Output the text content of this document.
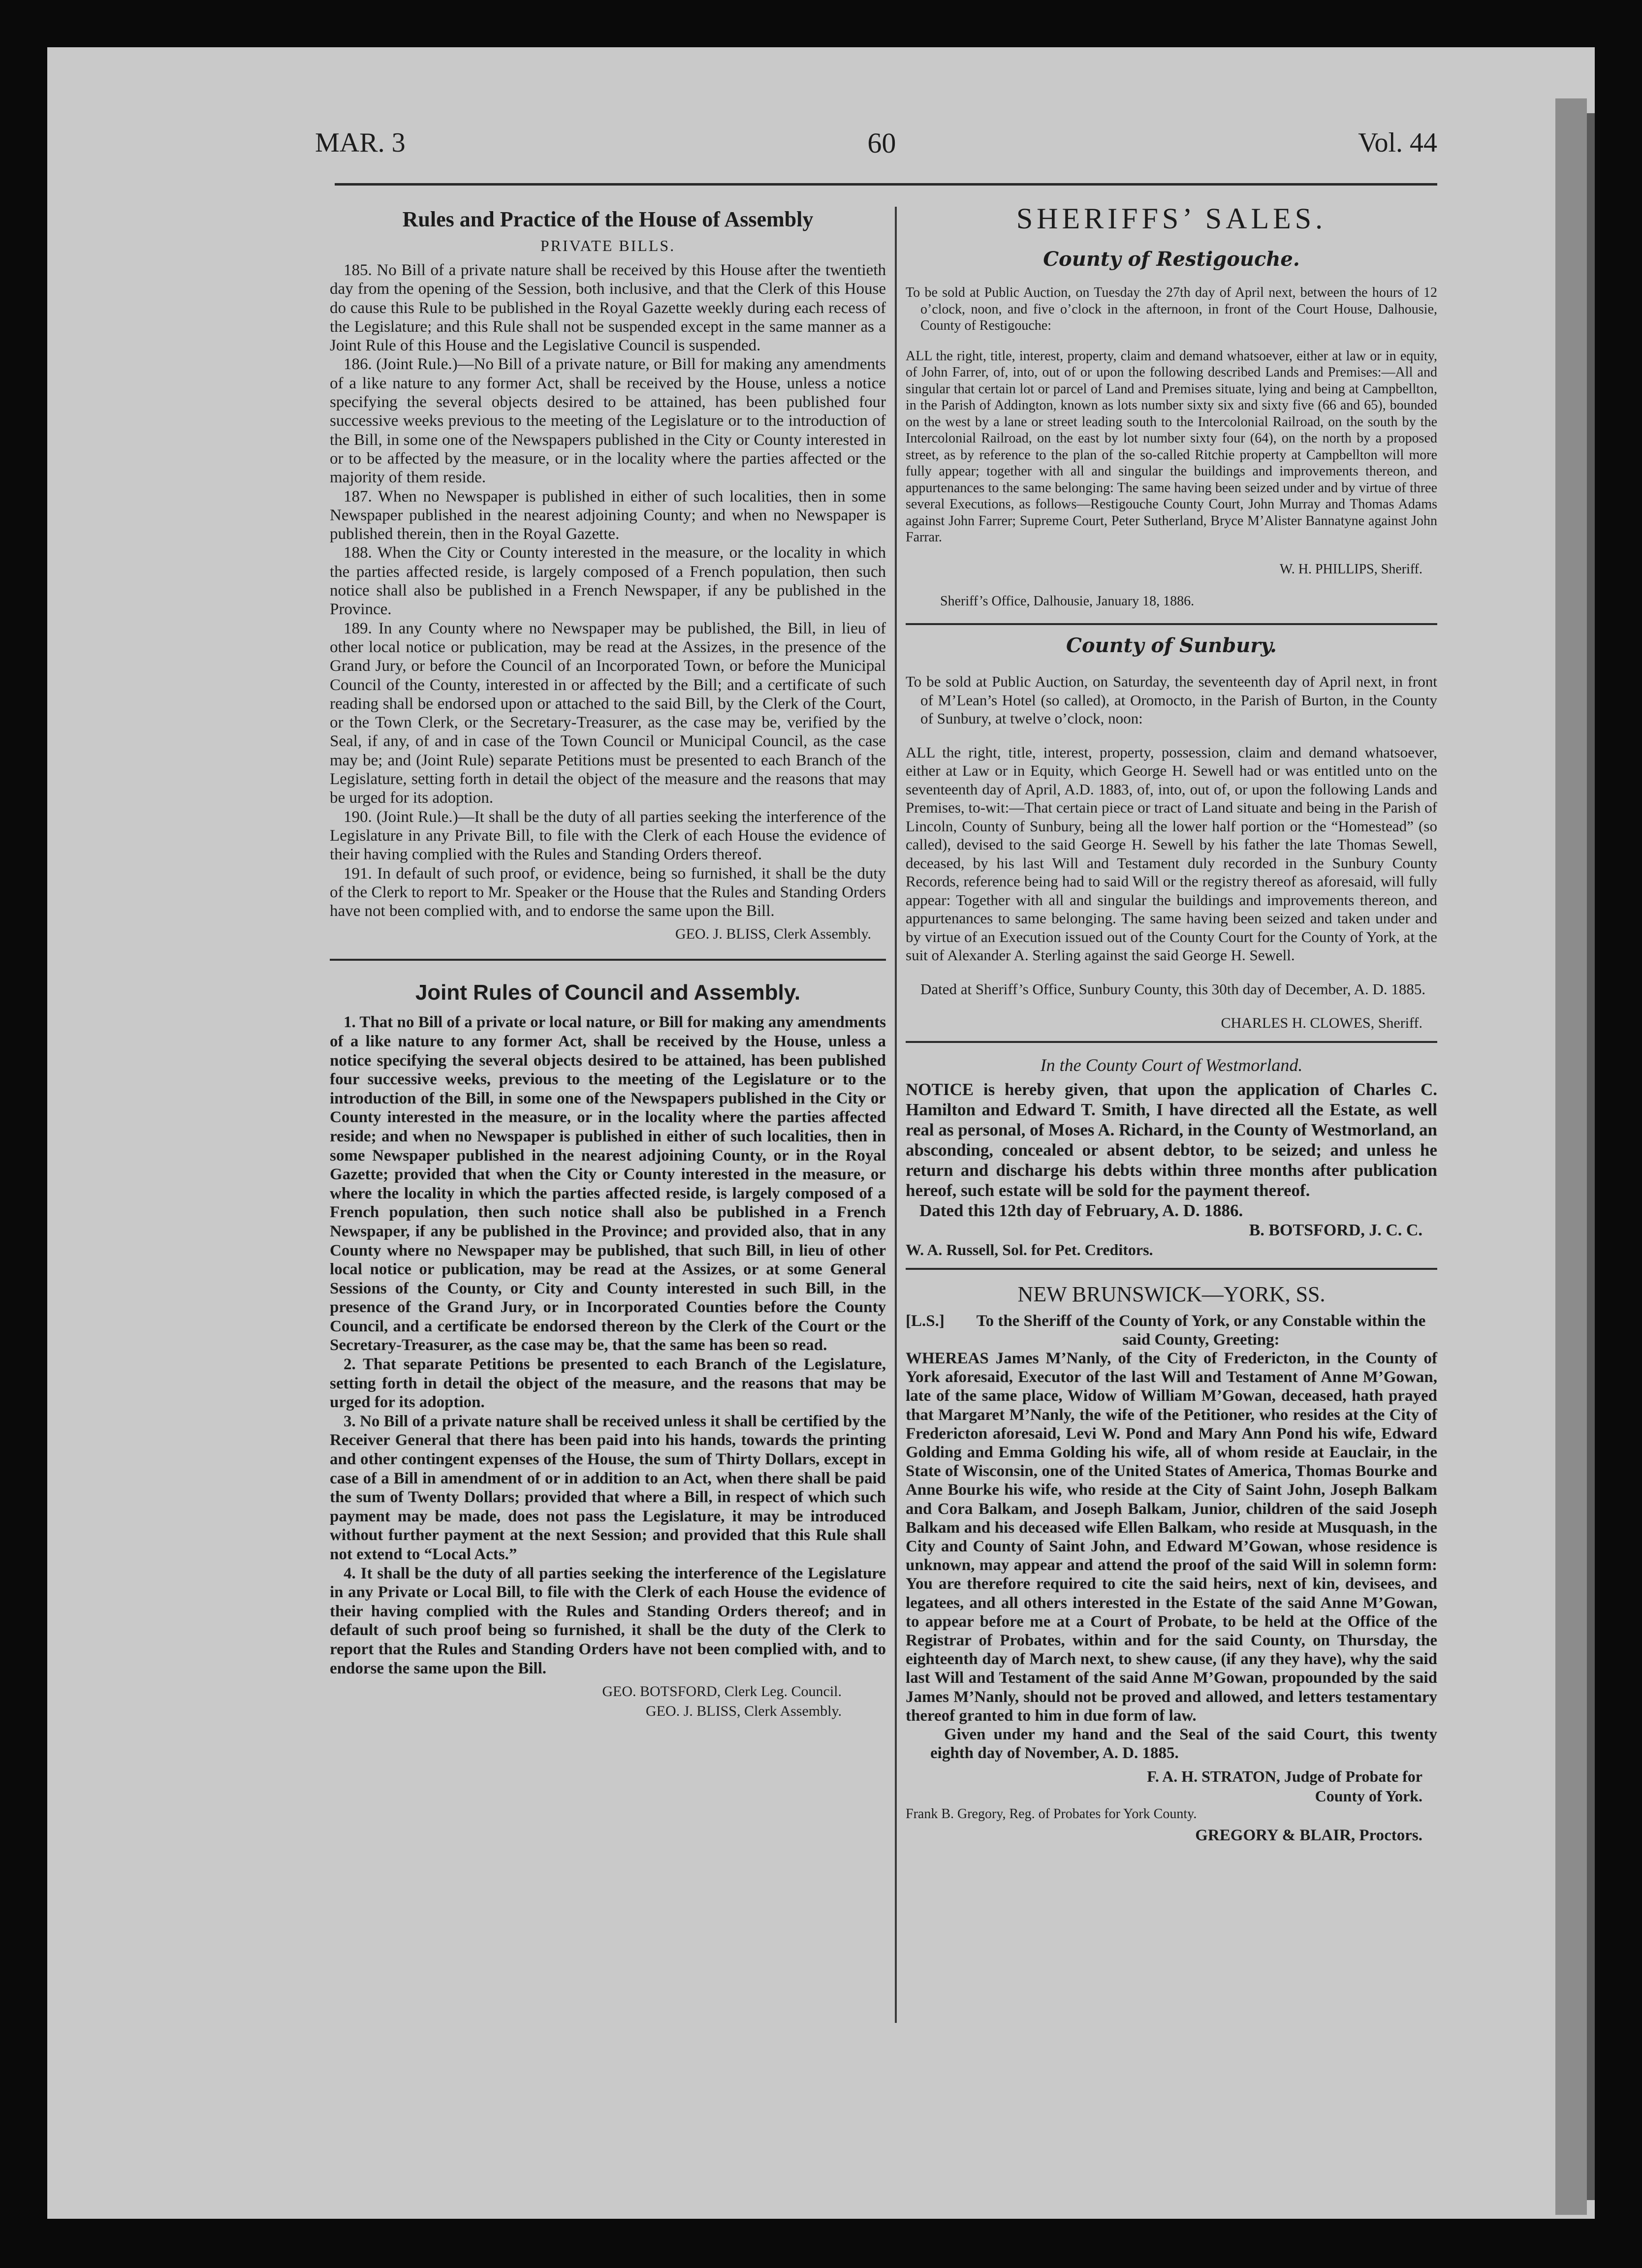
MAR. 3	60	Vol. 44
Rules and Practice of the House of Assembly
PRIVATE BILLS.

185. No Bill of a private nature shall be received by this House after the twentieth day from the opening of the Session, both inclusive, and that the Clerk of this House do cause this Rule to be published in the Royal Gazette weekly during each recess of the Legislature; and this Rule shall not be suspended except in the same manner as a Joint Rule of this House and the Legislative Council is suspended.

186. (Joint Rule.)—No Bill of a private nature, or Bill for making any amendments of a like nature to any former Act, shall be received by the House, unless a notice specifying the several objects desired to be attained, has been published four successive weeks previous to the meeting of the Legislature or to the introduction of the Bill, in some one of the Newspapers published in the City or County interested in or to be affected by the measure, or in the locality where the parties affected or the majority of them reside.

187. When no Newspaper is published in either of such localities, then in some Newspaper published in the nearest adjoining County; and when no Newspaper is published therein, then in the Royal Gazette.

188. When the City or County interested in the measure, or the locality in which the parties affected reside, is largely composed of a French population, then such notice shall also be published in a French Newspaper, if any be published in the Province.

189. In any County where no Newspaper may be published, the Bill, in lieu of other local notice or publication, may be read at the Assizes, in the presence of the Grand Jury, or before the Council of an Incorporated Town, or before the Municipal Council of the County, interested in or affected by the Bill; and a certificate of such reading shall be endorsed upon or attached to the said Bill, by the Clerk of the Court, or the Town Clerk, or the Secretary-Treasurer, as the case may be, verified by the Seal, if any, of and in case of the Town Council or Municipal Council, as the case may be; and (Joint Rule) separate Petitions must be presented to each Branch of the Legislature, setting forth in detail the object of the measure and the reasons that may be urged for its adoption.

190. (Joint Rule.)—It shall be the duty of all parties seeking the interference of the Legislature in any Private Bill, to file with the Clerk of each House the evidence of their having complied with the Rules and Standing Orders thereof.

191. In default of such proof, or evidence, being so furnished, it shall be the duty of the Clerk to report to Mr. Speaker or the House that the Rules and Standing Orders have not been complied with, and to endorse the same upon the Bill.

GEO. J. BLISS, Clerk Assembly.
Joint Rules of Council and Assembly.

1. That no Bill of a private or local nature, or Bill for making any amendments of a like nature to any former Act, shall be received by the House, unless a notice specifying the several objects desired to be attained, has been published four successive weeks, previous to the meeting of the Legislature or to the introduction of the Bill, in some one of the Newspapers published in the City or County interested in the measure, or in the locality where the parties affected reside; and when no Newspaper is published in either of such localities, then in some Newspaper published in the nearest adjoining County, or in the Royal Gazette; provided that when the City or County interested in the measure, or where the locality in which the parties affected reside, is largely composed of a French population, then such notice shall also be published in a French Newspaper, if any be published in the Province; and provided also, that in any County where no Newspaper may be published, that such Bill, in lieu of other local notice or publication, may be read at the Assizes, or at some General Sessions of the County, or City and County interested in such Bill, in the presence of the Grand Jury, or in Incorporated Counties before the County Council, and a certificate be endorsed thereon by the Clerk of the Court or the Secretary-Treasurer, as the case may be, that the same has been so read.

2. That separate Petitions be presented to each Branch of the Legislature, setting forth in detail the object of the measure, and the reasons that may be urged for its adoption.

3. No Bill of a private nature shall be received unless it shall be certified by the Receiver General that there has been paid into his hands, towards the printing and other contingent expenses of the House, the sum of Thirty Dollars, except in case of a Bill in amendment of or in addition to an Act, when there shall be paid the sum of Twenty Dollars; provided that where a Bill, in respect of which such payment may be made, does not pass the Legislature, it may be introduced without further payment at the next Session; and provided that this Rule shall not extend to “Local Acts.”

4. It shall be the duty of all parties seeking the interference of the Legislature in any Private or Local Bill, to file with the Clerk of each House the evidence of their having complied with the Rules and Standing Orders thereof; and in default of such proof being so furnished, it shall be the duty of the Clerk to report that the Rules and Standing Orders have not been complied with, and to endorse the same upon the Bill.

GEO. BOTSFORD, Clerk Leg. Council.
GEO. J. BLISS, Clerk Assembly.
SHERIFFS’ SALES.
County of Restigouche.

To be sold at Public Auction, on Tuesday the 27th day of April next, between the hours of 12 o’clock, noon, and five o’clock in the afternoon, in front of the Court House, Dalhousie, County of Restigouche:

ALL the right, title, interest, property, claim and demand whatsoever, either at law or in equity, of John Farrer, of, into, out of or upon the following described Lands and Premises:—All and singular that certain lot or parcel of Land and Premises situate, lying and being at Campbellton, in the Parish of Addington, known as lots number sixty six and sixty five (66 and 65), bounded on the west by a lane or street leading south to the Intercolonial Railroad, on the south by the Intercolonial Railroad, on the east by lot number sixty four (64), on the north by a proposed street, as by reference to the plan of the so-called Ritchie property at Campbellton will more fully appear; together with all and singular the buildings and improvements thereon, and appurtenances to the same belonging: The same having been seized under and by virtue of three several Executions, as follows—Restigouche County Court, John Murray and Thomas Adams against John Farrer; Supreme Court, Peter Sutherland, Bryce M’Alister Bannatyne against John Farrar.

W. H. PHILLIPS, Sheriff.

Sheriff’s Office, Dalhousie, January 18, 1886.

County of Sunbury.

To be sold at Public Auction, on Saturday, the seventeenth day of April next, in front of M’Lean’s Hotel (so called), at Oromocto, in the Parish of Burton, in the County of Sunbury, at twelve o’clock, noon:

ALL the right, title, interest, property, possession, claim and demand whatsoever, either at Law or in Equity, which George H. Sewell had or was entitled unto on the seventeenth day of April, A.D. 1883, of, into, out of, or upon the following Lands and Premises, to-wit:—That certain piece or tract of Land situate and being in the Parish of Lincoln, County of Sunbury, being all the lower half portion or the “Homestead” (so called), devised to the said George H. Sewell by his father the late Thomas Sewell, deceased, by his last Will and Testament duly recorded in the Sunbury County Records, reference being had to said Will or the registry thereof as aforesaid, will fully appear: Together with all and singular the buildings and improvements thereon, and appurtenances to same belonging. The same having been seized and taken under and by virtue of an Execution issued out of the County Court for the County of York, at the suit of Alexander A. Sterling against the said George H. Sewell.

Dated at Sheriff’s Office, Sunbury County, this 30th day of December, A. D. 1885.

CHARLES H. CLOWES, Sheriff.
In the County Court of Westmorland.

NOTICE is hereby given, that upon the application of Charles C. Hamilton and Edward T. Smith, I have directed all the Estate, as well real as personal, of Moses A. Richard, in the County of Westmorland, an absconding, concealed or absent debtor, to be seized; and unless he return and discharge his debts within three months after publication hereof, such estate will be sold for the payment thereof.

Dated this 12th day of February, A. D. 1886.

B. BOTSFORD, J. C. C.
W. A. Russell, Sol. for Pet. Creditors.
NEW BRUNSWICK—YORK, SS.
[L.S.]	To the Sheriff of the County of York, or any Constable within the said County, Greeting:

WHEREAS James M’Nanly, of the City of Fredericton, in the County of York aforesaid, Executor of the last Will and Testament of Anne M’Gowan, late of the same place, Widow of William M’Gowan, deceased, hath prayed that Margaret M’Nanly, the wife of the Petitioner, who resides at the City of Fredericton aforesaid, Levi W. Pond and Mary Ann Pond his wife, Edward Golding and Emma Golding his wife, all of whom reside at Eauclair, in the State of Wisconsin, one of the United States of America, Thomas Bourke and Anne Bourke his wife, who reside at the City of Saint John, Joseph Balkam and Cora Balkam, and Joseph Balkam, Junior, children of the said Joseph Balkam and his deceased wife Ellen Balkam, who reside at Musquash, in the City and County of Saint John, and Edward M’Gowan, whose residence is unknown, may appear and attend the proof of the said Will in solemn form: You are therefore required to cite the said heirs, next of kin, devisees, and legatees, and all others interested in the Estate of the said Anne M’Gowan, to appear before me at a Court of Probate, to be held at the Office of the Registrar of Probates, within and for the said County, on Thursday, the eighteenth day of March next, to shew cause, (if any they have), why the said last Will and Testament of the said Anne M’Gowan, propounded by the said James M’Nanly, should not be proved and allowed, and letters testamentary thereof granted to him in due form of law.

Given under my hand and the Seal of the said Court, this twenty eighth day of November, A. D. 1885.

F. A. H. STRATON, Judge of Probate for County of York.
Frank B. Gregory, Reg. of Probates for York County.
GREGORY & BLAIR, Proctors.
